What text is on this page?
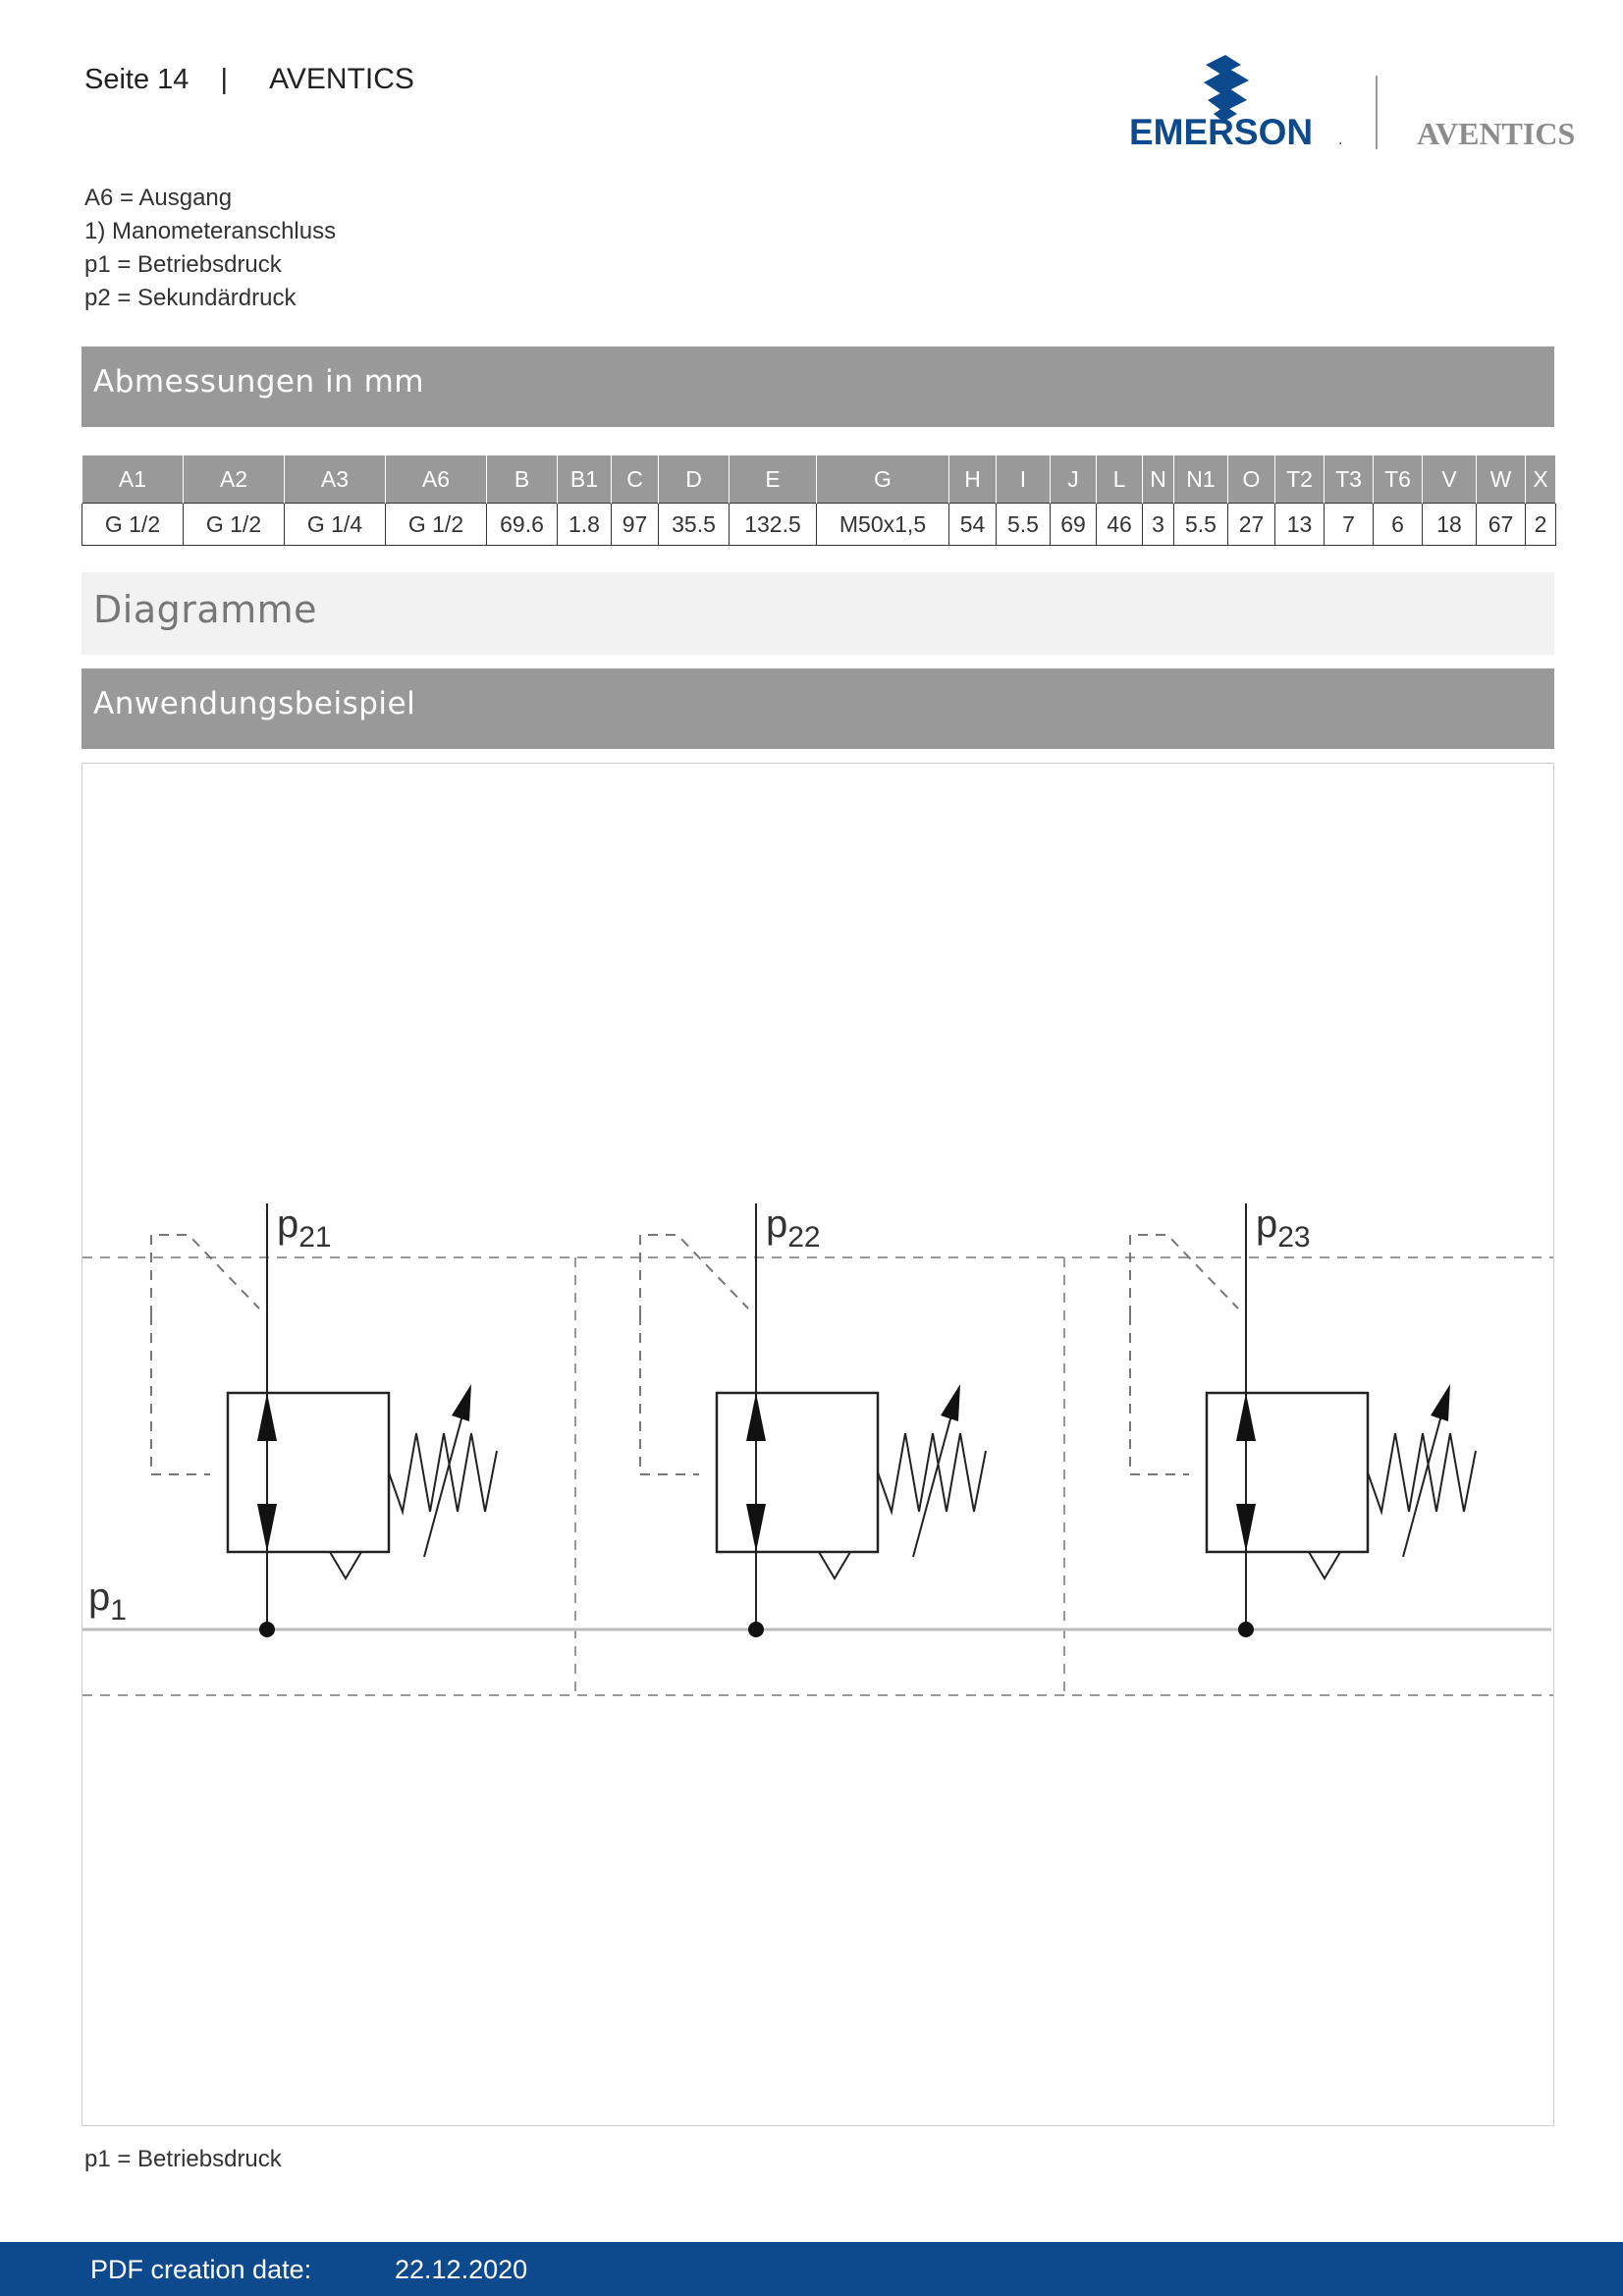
Seite 14 | AVENTICS
EMERSON . AVENTICS
A6 = Ausgang
1) Manometeranschluss
p1 = Betriebsdruck
p2 = Sekundärdruck
Abmessungen in mm
A1	A2	A3	A6	B	B1	C	D	E	G	H	I	J	L	N	N1	O	T2	T3	T6	V	W	X
G 1/2	G 1/2	G 1/4	G 1/2	69.6	1.8	97	35.5	132.5	M50x1,5	54	5.5	69	46	3	5.5	27	13	7	6	18	67	2
Diagramme
Anwendungsbeispiel
$p_1$
$p_{21}$	$p_{22}$	$p_{23}$
p1 = Betriebsdruck
PDF creation date:	22.12.2020
